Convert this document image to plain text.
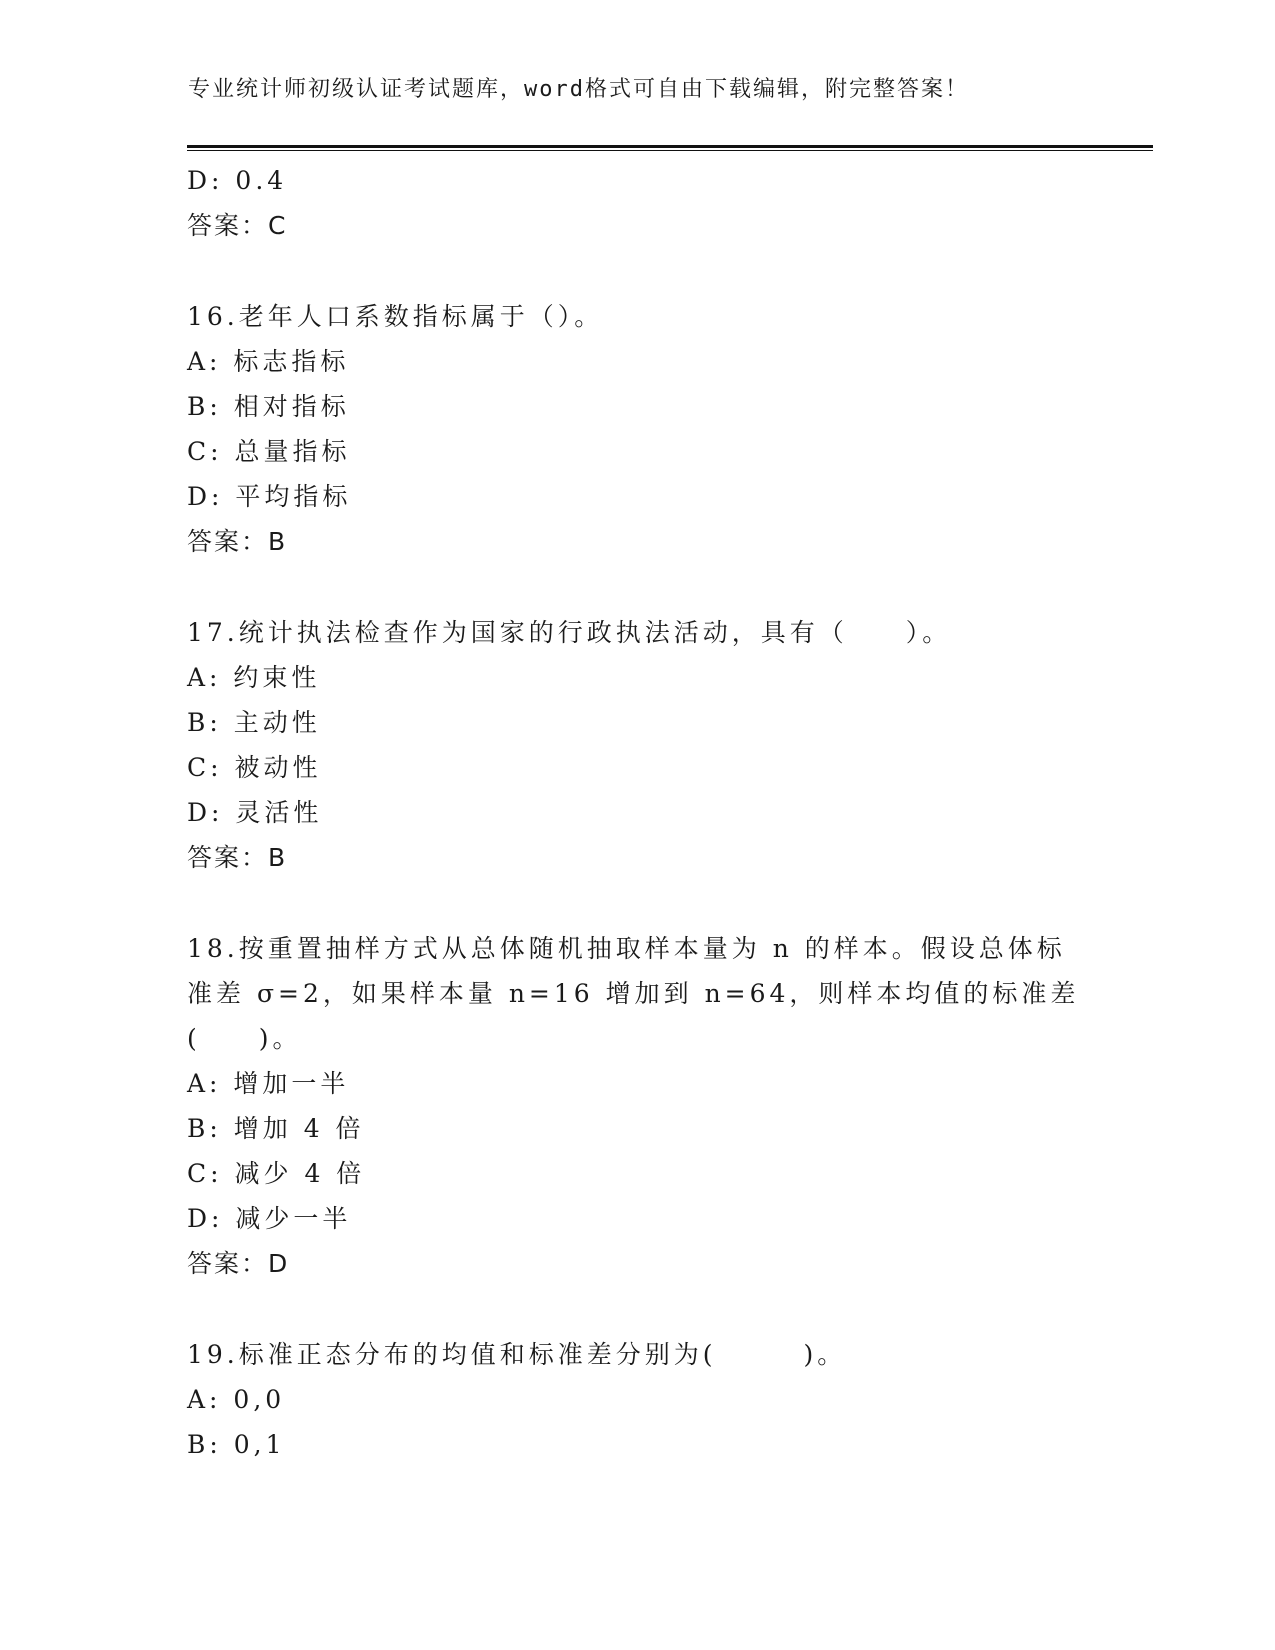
专业统计师初级认证考试题库，word格式可自由下载编辑，附完整答案！
D: 0.4
答案：C
16.老年人口系数指标属于（）。
A: 标志指标
B: 相对指标
C: 总量指标
D: 平均指标
答案：B
17.统计执法检查作为国家的行政执法活动，具有（　　）。
A: 约束性
B: 主动性
C: 被动性
D: 灵活性
答案：B
18.按重置抽样方式从总体随机抽取样本量为 n 的样本。假设总体标准差 σ=2，如果样本量 n=16 增加到 n=64，则样本均值的标准差(　　)。
A: 增加一半
B: 增加 4 倍
C: 减少 4 倍
D: 减少一半
答案：D
19.标准正态分布的均值和标准差分别为(　　　)。
A: 0,0
B: 0,1
